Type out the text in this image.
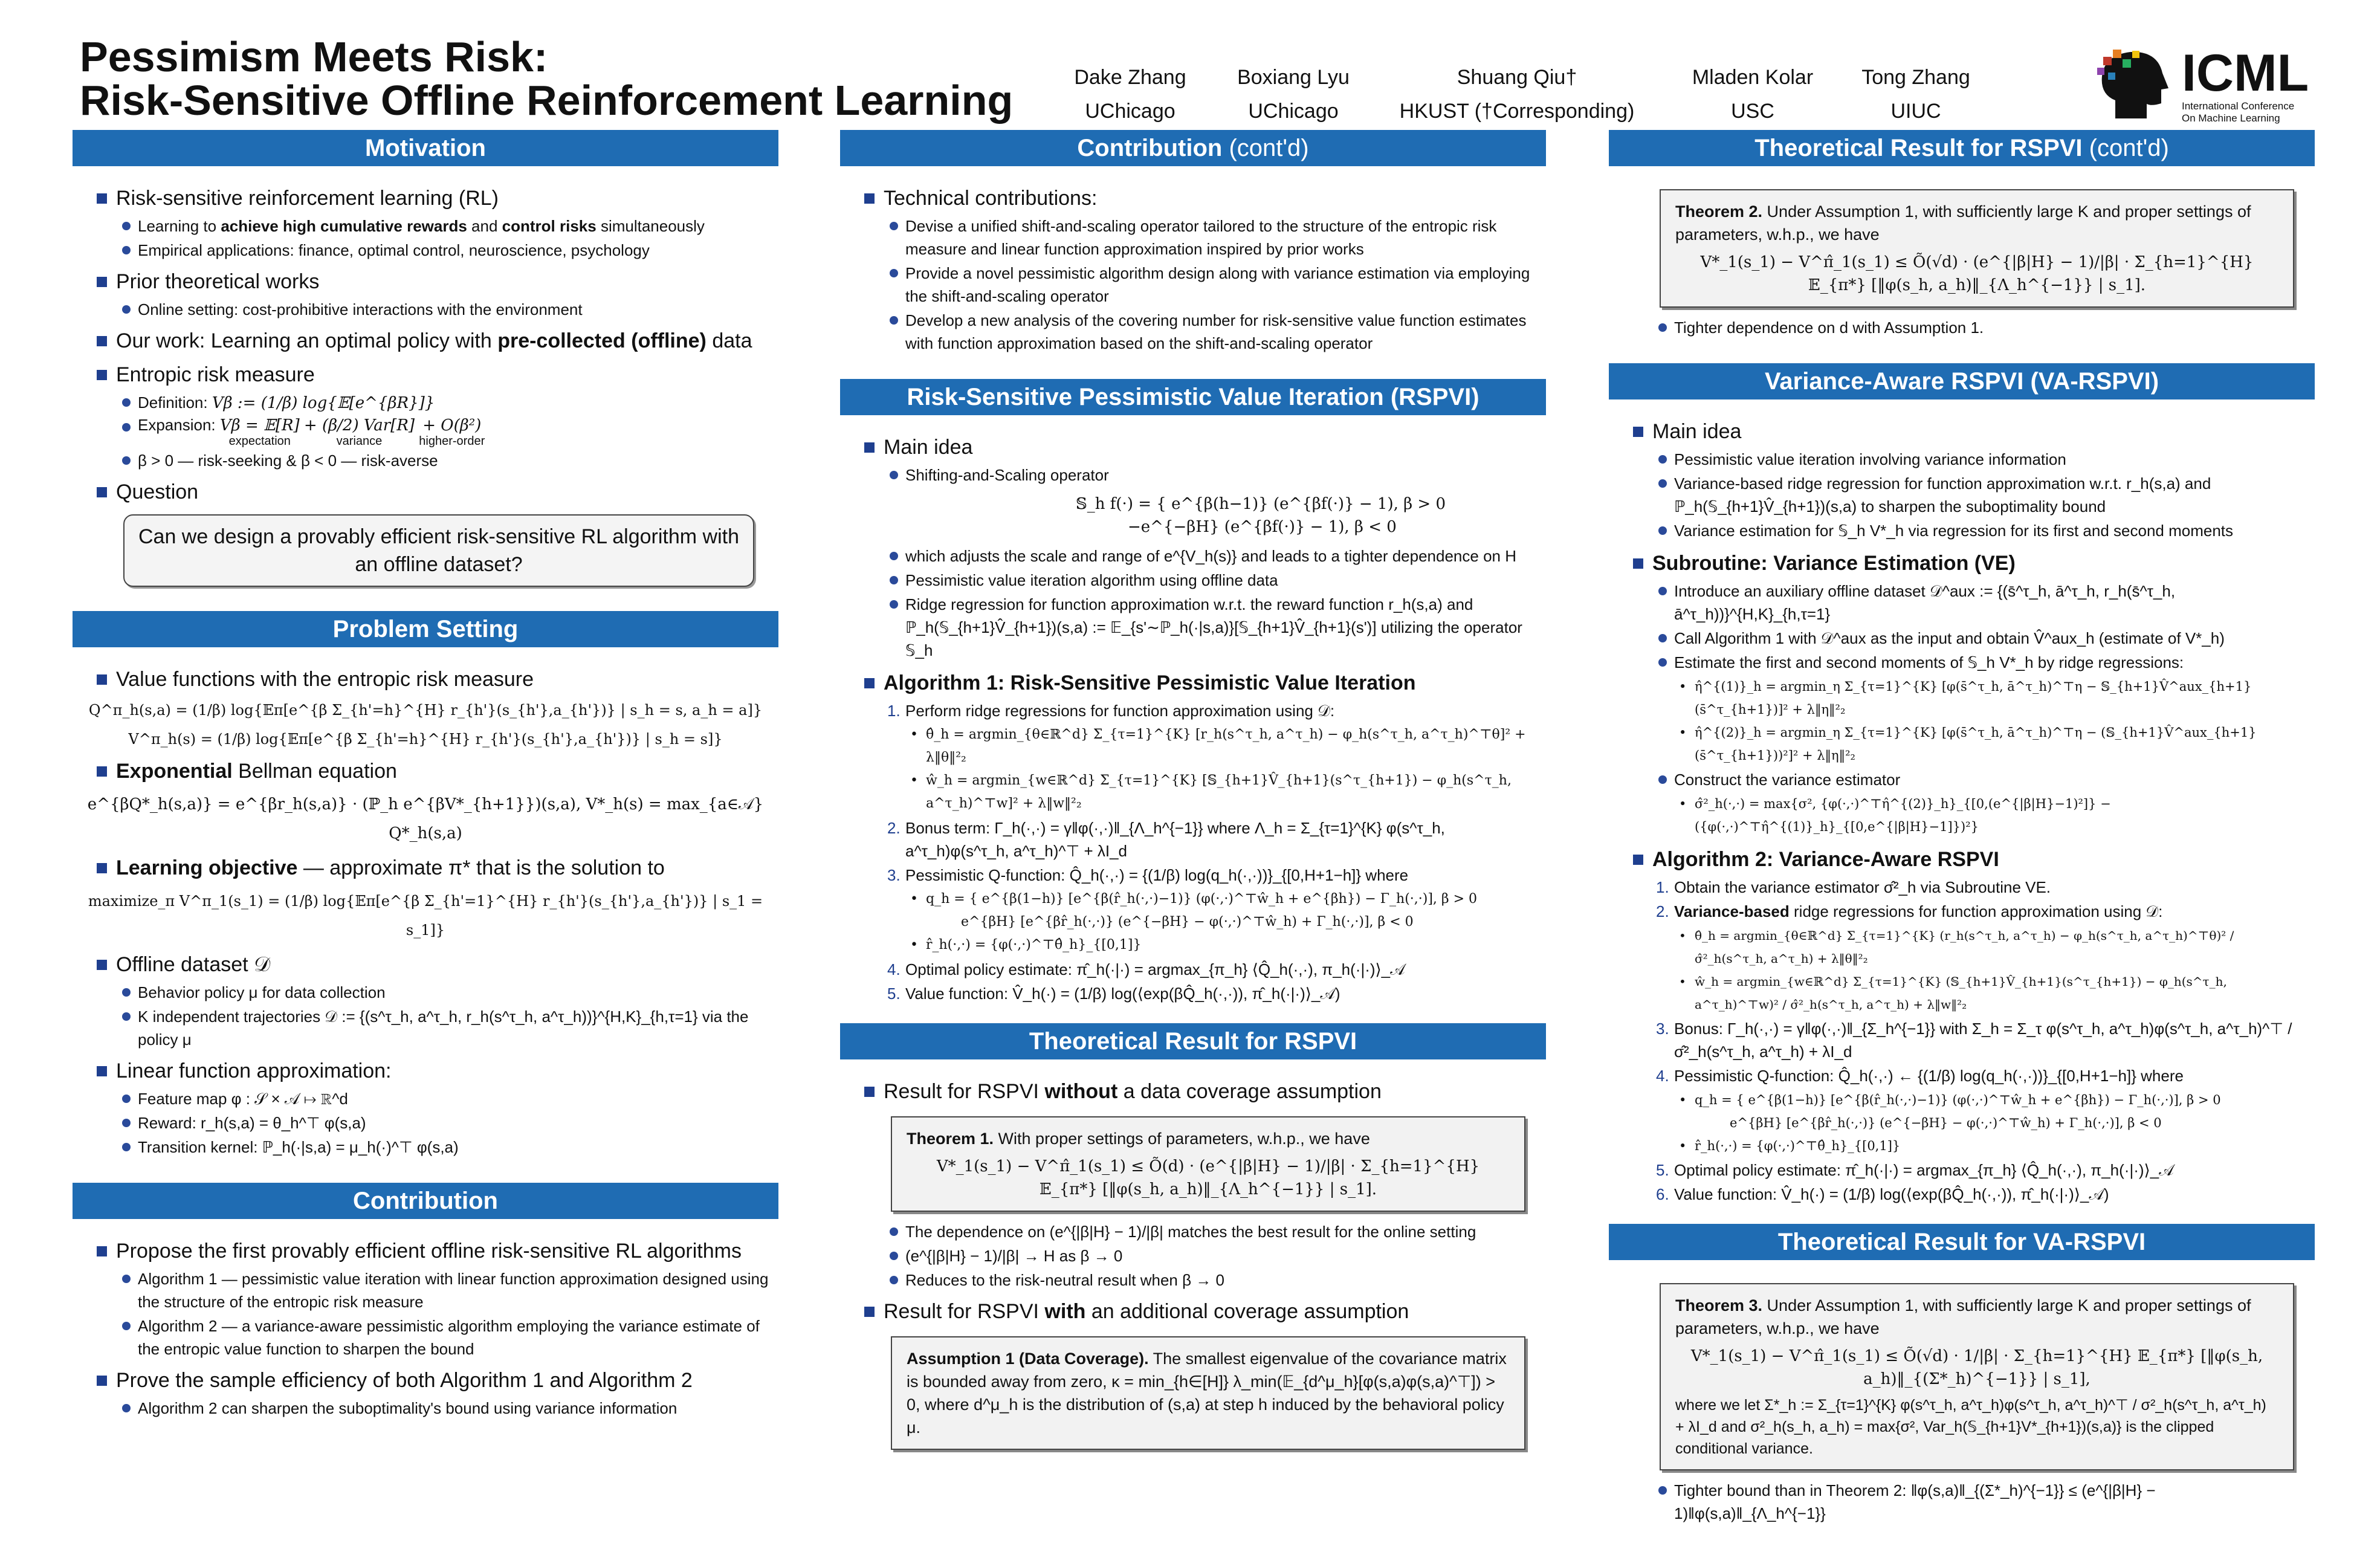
Pessimism Meets Risk:
Risk-Sensitive Offline Reinforcement Learning	Dake Zhang
UChicago
Boxiang Lyu
UChicago
Shuang Qiu†
HKUST (†Corresponding)
Mladen Kolar
USC
Tong Zhang
UIUC
ICML
International Conference
On Machine Learning
Motivation
Risk-sensitive reinforcement learning (RL)
Learning to achieve high cumulative rewards and control risks simultaneously
Empirical applications: finance, optimal control, neuroscience, psychology
Prior theoretical works
Online setting: cost-prohibitive interactions with the environment
Our work: Learning an optimal policy with pre-collected (offline) data
Entropic risk measure
Definition: Vβ := (1/β) log{𝔼[e^{βR}]}
Expansion: Vβ = 𝔼[R]
expectation
+ (β/2) Var[R]
variance
+ O(β²)
higher-order
β > 0 — risk-seeking & β < 0 — risk-averse
Question
Can we design a provably efficient risk-sensitive RL algorithm with an offline dataset?
Problem Setting
Value functions with the entropic risk measure
Q^π_h(s,a) = (1/β) log{𝔼π[e^{β Σ_{h'=h}^{H} r_{h'}(s_{h'},a_{h'})} | s_h = s, a_h = a]}
V^π_h(s) = (1/β) log{𝔼π[e^{β Σ_{h'=h}^{H} r_{h'}(s_{h'},a_{h'})} | s_h = s]}
Exponential Bellman equation
e^{βQ*_h(s,a)} = e^{βr_h(s,a)} · (ℙ_h e^{βV*_{h+1}})(s,a), V*_h(s) = max_{a∈𝒜} Q*_h(s,a)
Learning objective — approximate π* that is the solution to
maximize_π V^π_1(s_1) = (1/β) log{𝔼π[e^{β Σ_{h'=1}^{H} r_{h'}(s_{h'},a_{h'})} | s_1 = s_1]}
Offline dataset 𝒟
Behavior policy μ for data collection
K independent trajectories 𝒟 := {(s^τ_h, a^τ_h, r_h(s^τ_h, a^τ_h))}^{H,K}_{h,τ=1} via the policy μ
Linear function approximation:
Feature map φ : 𝒮 × 𝒜 ↦ ℝ^d
Reward: r_h(s,a) = θ_h^⊤ φ(s,a)
Transition kernel: ℙ_h(·|s,a) = μ_h(·)^⊤ φ(s,a)
Contribution
Propose the first provably efficient offline risk-sensitive RL algorithms
Algorithm 1 — pessimistic value iteration with linear function approximation designed using the structure of the entropic risk measure
Algorithm 2 — a variance-aware pessimistic algorithm employing the variance estimate of the entropic value function to sharpen the bound
Prove the sample efficiency of both Algorithm 1 and Algorithm 2
Algorithm 2 can sharpen the suboptimality's bound using variance information
Contribution (cont'd)
Technical contributions:
Devise a unified shift-and-scaling operator tailored to the structure of the entropic risk measure and linear function approximation inspired by prior works
Provide a novel pessimistic algorithm design along with variance estimation via employing the shift-and-scaling operator
Develop a new analysis of the covering number for risk-sensitive value function estimates with function approximation based on the shift-and-scaling operator
Risk-Sensitive Pessimistic Value Iteration (RSPVI)
Main idea
Shifting-and-Scaling operator
𝕊_h f(·) = { e^{β(h−1)} (e^{βf(·)} − 1), β > 0
−e^{−βH} (e^{βf(·)} − 1), β < 0
which adjusts the scale and range of e^{V_h(s)} and leads to a tighter dependence on H
Pessimistic value iteration algorithm using offline data
Ridge regression for function approximation w.r.t. the reward function r_h(s,a) and ℙ_h(𝕊_{h+1}V̂_{h+1})(s,a) := 𝔼_{s'∼ℙ_h(·|s,a)}[𝕊_{h+1}V̂_{h+1}(s')] utilizing the operator 𝕊_h
Algorithm 1: Risk-Sensitive Pessimistic Value Iteration
1. Perform ridge regressions for function approximation using 𝒟:
• θ̂_h = argmin_{θ∈ℝ^d} Σ_{τ=1}^{K} [r_h(s^τ_h, a^τ_h) − φ_h(s^τ_h, a^τ_h)^⊤θ]² + λ‖θ‖²₂
• ŵ_h = argmin_{w∈ℝ^d} Σ_{τ=1}^{K} [𝕊_{h+1}V̂_{h+1}(s^τ_{h+1}) − φ_h(s^τ_h, a^τ_h)^⊤w]² + λ‖w‖²₂
2. Bonus term: Γ_h(·,·) = γ‖φ(·,·)‖_{Λ_h^{−1}} where Λ_h = Σ_{τ=1}^{K} φ(s^τ_h, a^τ_h)φ(s^τ_h, a^τ_h)^⊤ + λI_d
3. Pessimistic Q-function: Q̂_h(·,·) = {(1/β) log(q_h(·,·))}_{[0,H+1−h]} where
• q_h = { e^{β(1−h)} [e^{β(r̂_h(·,·)−1)} (φ(·,·)^⊤ŵ_h + e^{βh}) − Γ_h(·,·)], β > 0
e^{βH} [e^{βr̂_h(·,·)} (e^{−βH} − φ(·,·)^⊤ŵ_h) + Γ_h(·,·)], β < 0
• r̂_h(·,·) = {φ(·,·)^⊤θ̂_h}_{[0,1]}
4. Optimal policy estimate: π̂_h(·|·) = argmax_{π_h} ⟨Q̂_h(·,·), π_h(·|·)⟩_𝒜
5. Value function: V̂_h(·) = (1/β) log(⟨exp(βQ̂_h(·,·)), π̂_h(·|·)⟩_𝒜)
Theoretical Result for RSPVI
Result for RSPVI without a data coverage assumption
Theorem 1. With proper settings of parameters, w.h.p., we have
V*_1(s_1) − V^π̂_1(s_1) ≤ Õ(d) · (e^{|β|H} − 1)/|β| · Σ_{h=1}^{H} 𝔼_{π*} [‖φ(s_h, a_h)‖_{Λ_h^{−1}} | s_1].
The dependence on (e^{|β|H} − 1)/|β| matches the best result for the online setting
(e^{|β|H} − 1)/|β| → H as β → 0
Reduces to the risk-neutral result when β → 0
Result for RSPVI with an additional coverage assumption
Assumption 1 (Data Coverage). The smallest eigenvalue of the covariance matrix is bounded away from zero, κ = min_{h∈[H]} λ_min(𝔼_{d^μ_h}[φ(s,a)φ(s,a)^⊤]) > 0, where d^μ_h is the distribution of (s,a) at step h induced by the behavioral policy μ.
Theoretical Result for RSPVI (cont'd)
Theorem 2. Under Assumption 1, with sufficiently large K and proper settings of parameters, w.h.p., we have
V*_1(s_1) − V^π̂_1(s_1) ≤ Õ(√d) · (e^{|β|H} − 1)/|β| · Σ_{h=1}^{H} 𝔼_{π*} [‖φ(s_h, a_h)‖_{Λ_h^{−1}} | s_1].
Tighter dependence on d with Assumption 1.
Variance-Aware RSPVI (VA-RSPVI)
Main idea
Pessimistic value iteration involving variance information
Variance-based ridge regression for function approximation w.r.t. r_h(s,a) and ℙ_h(𝕊_{h+1}V̂_{h+1})(s,a) to sharpen the suboptimality bound
Variance estimation for 𝕊_h V*_h via regression for its first and second moments
Subroutine: Variance Estimation (VE)
Introduce an auxiliary offline dataset 𝒟^aux := {(s̄^τ_h, ā^τ_h, r_h(s̄^τ_h, ā^τ_h))}^{H,K}_{h,τ=1}
Call Algorithm 1 with 𝒟^aux as the input and obtain V̂^aux_h (estimate of V*_h)
Estimate the first and second moments of 𝕊_h V*_h by ridge regressions:
• η̂^{(1)}_h = argmin_η Σ_{τ=1}^{K} [φ(s̄^τ_h, ā^τ_h)^⊤η − 𝕊_{h+1}V̂^aux_{h+1}(s̄^τ_{h+1})]² + λ‖η‖²₂
• η̂^{(2)}_h = argmin_η Σ_{τ=1}^{K} [φ(s̄^τ_h, ā^τ_h)^⊤η − (𝕊_{h+1}V̂^aux_{h+1}(s̄^τ_{h+1}))²]² + λ‖η‖²₂
Construct the variance estimator
• σ̂²_h(·,·) = max{σ², {φ(·,·)^⊤η̂^{(2)}_h}_{[0,(e^{|β|H}−1)²]} − ({φ(·,·)^⊤η̂^{(1)}_h}_{[0,e^{|β|H}−1]})²}
Algorithm 2: Variance-Aware RSPVI
1. Obtain the variance estimator σ̂²_h via Subroutine VE.
2. Variance-based ridge regressions for function approximation using 𝒟:
• θ̂_h = argmin_{θ∈ℝ^d} Σ_{τ=1}^{K} (r_h(s^τ_h, a^τ_h) − φ_h(s^τ_h, a^τ_h)^⊤θ)² / σ̂²_h(s^τ_h, a^τ_h) + λ‖θ‖²₂
• ŵ_h = argmin_{w∈ℝ^d} Σ_{τ=1}^{K} (𝕊_{h+1}V̂_{h+1}(s^τ_{h+1}) − φ_h(s^τ_h, a^τ_h)^⊤w)² / σ̂²_h(s^τ_h, a^τ_h) + λ‖w‖²₂
3. Bonus: Γ_h(·,·) = γ‖φ(·,·)‖_{Σ_h^{−1}} with Σ_h = Σ_τ φ(s^τ_h, a^τ_h)φ(s^τ_h, a^τ_h)^⊤ / σ̂²_h(s^τ_h, a^τ_h) + λI_d
4. Pessimistic Q-function: Q̂_h(·,·) ← {(1/β) log(q_h(·,·))}_{[0,H+1−h]} where
• q_h = { e^{β(1−h)} [e^{β(r̂_h(·,·)−1)} (φ(·,·)^⊤ŵ_h + e^{βh}) − Γ_h(·,·)], β > 0
e^{βH} [e^{βr̂_h(·,·)} (e^{−βH} − φ(·,·)^⊤ŵ_h) + Γ_h(·,·)], β < 0
• r̂_h(·,·) = {φ(·,·)^⊤θ̂_h}_{[0,1]}
5. Optimal policy estimate: π̂_h(·|·) = argmax_{π_h} ⟨Q̂_h(·,·), π_h(·|·)⟩_𝒜
6. Value function: V̂_h(·) = (1/β) log(⟨exp(βQ̂_h(·,·)), π̂_h(·|·)⟩_𝒜)
Theoretical Result for VA-RSPVI
Theorem 3. Under Assumption 1, with sufficiently large K and proper settings of parameters, w.h.p., we have
V*_1(s_1) − V^π̂_1(s_1) ≤ Õ(√d) · 1/|β| · Σ_{h=1}^{H} 𝔼_{π*} [‖φ(s_h, a_h)‖_{(Σ*_h)^{−1}} | s_1],
where we let Σ*_h := Σ_{τ=1}^{K} φ(s^τ_h, a^τ_h)φ(s^τ_h, a^τ_h)^⊤ / σ²_h(s^τ_h, a^τ_h) + λI_d and σ²_h(s_h, a_h) = max{σ², Var_h(𝕊_{h+1}V*_{h+1})(s,a)} is the clipped conditional variance.
Tighter bound than in Theorem 2: ‖φ(s,a)‖_{(Σ*_h)^{−1}} ≤ (e^{|β|H} − 1)‖φ(s,a)‖_{Λ_h^{−1}}
